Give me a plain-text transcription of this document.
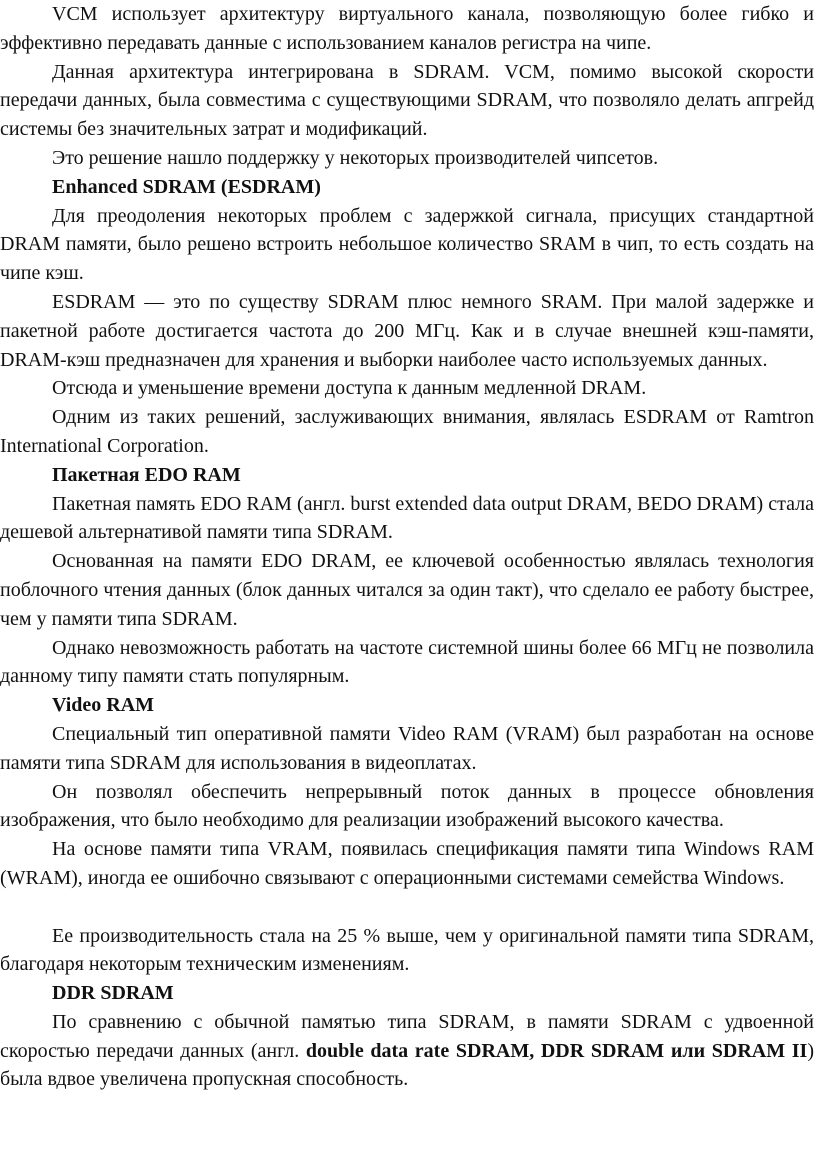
VCM использует архитектуру виртуального канала, позволяющую более гибко и эффективно передавать данные с использованием каналов регистра на чипе.

Данная архитектура интегрирована в SDRAM. VCM, помимо высокой скорости передачи данных, была совместима с существующими SDRAM, что позволяло делать апгрейд системы без значительных затрат и модификаций.

Это решение нашло поддержку у некоторых производителей чипсетов.

Enhanced SDRAM (ESDRAM)

Для преодоления некоторых проблем с задержкой сигнала, присущих стандартной DRAM памяти, было решено встроить небольшое количество SRAM в чип, то есть создать на чипе кэш.

ESDRAM — это по существу SDRAM плюс немного SRAM. При малой задержке и пакетной работе достигается частота до 200 МГц. Как и в случае внешней кэш-памяти, DRAM-кэш предназначен для хранения и выборки наиболее часто используемых данных.

Отсюда и уменьшение времени доступа к данным медленной DRAM.

Одним из таких решений, заслуживающих внимания, являлась ESDRAM от Ramtron International Corporation.

Пакетная EDO RAM

Пакетная память EDO RAM (англ. burst extended data output DRAM, BEDO DRAM) стала дешевой альтернативой памяти типа SDRAM.

Основанная на памяти EDO DRAM, ее ключевой особенностью являлась технология поблочного чтения данных (блок данных читался за один такт), что сделало ее работу быстрее, чем у памяти типа SDRAM.

Однако невозможность работать на частоте системной шины более 66 МГц не позволила данному типу памяти стать популярным.

Video RAM

Специальный тип оперативной памяти Video RAM (VRAM) был разработан на основе памяти типа SDRAM для использования в видеоплатах.

Он позволял обеспечить непрерывный поток данных в процессе обновления изображения, что было необходимо для реализации изображений высокого качества.

На основе памяти типа VRAM, появилась спецификация памяти типа Windows RAM (WRAM), иногда ее ошибочно связывают с операционными системами семейства Windows.

Ее производительность стала на 25 % выше, чем у оригинальной памяти типа SDRAM, благодаря некоторым техническим изменениям.

DDR SDRAM

По сравнению с обычной памятью типа SDRAM, в памяти SDRAM с удвоенной скоростью передачи данных (англ. double data rate SDRAM, DDR SDRAM или SDRAM II) была вдвое увеличена пропускная способность.
